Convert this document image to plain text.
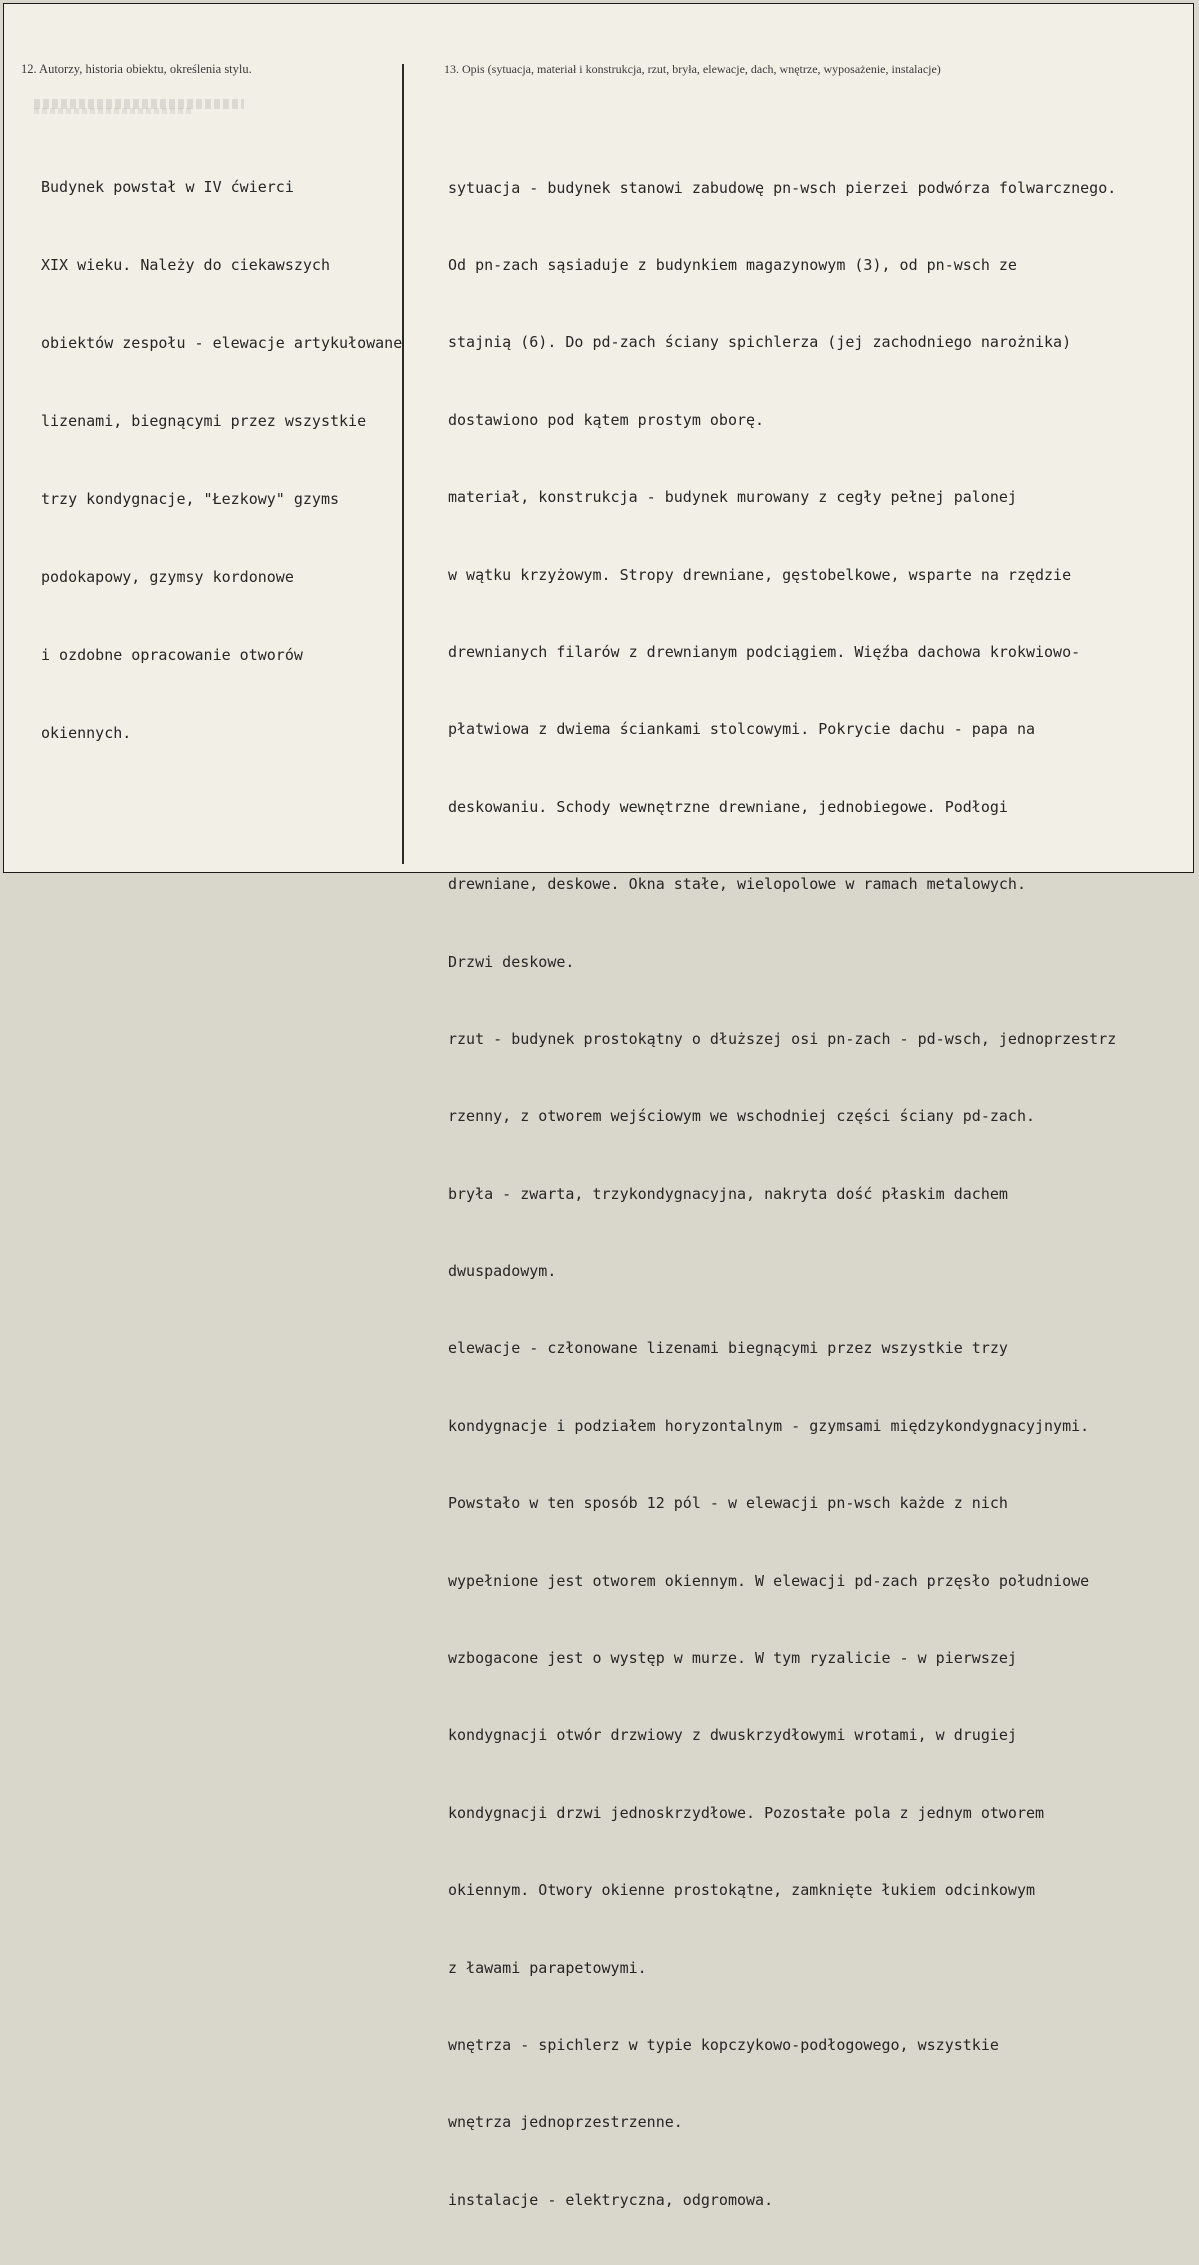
12. Autorzy, historia obiektu, określenia stylu.	13. Opis (sytuacja, materiał i konstrukcja, rzut, bryła, elewacje, dach, wnętrze, wyposażenie, instalacje)

Budynek powstał w IV ćwierci

XIX wieku. Należy do ciekawszych

obiektów zespołu - elewacje artykułowane

lizenami, biegnącymi przez wszystkie

trzy kondygnacje, "Łezkowy" gzyms

podokapowy, gzymsy kordonowe

i ozdobne opracowanie otworów

okiennych.

sytuacja - budynek stanowi zabudowę pn-wsch pierzei podwórza folwarcznego.

Od pn-zach sąsiaduje z budynkiem magazynowym (3), od pn-wsch ze

stajnią (6). Do pd-zach ściany spichlerza (jej zachodniego narożnika)

dostawiono pod kątem prostym oborę.

materiał, konstrukcja - budynek murowany z cegły pełnej palonej

w wątku krzyżowym. Stropy drewniane, gęstobelkowe, wsparte na rzędzie

drewnianych filarów z drewnianym podciągiem. Więźba dachowa krokwiowo-

płatwiowa z dwiema ściankami stolcowymi. Pokrycie dachu - papa na

deskowaniu. Schody wewnętrzne drewniane, jednobiegowe. Podłogi

drewniane, deskowe. Okna stałe, wielopolowe w ramach metalowych.

Drzwi deskowe.

rzut - budynek prostokątny o dłuższej osi pn-zach - pd-wsch, jednoprzestrz

rzenny, z otworem wejściowym we wschodniej części ściany pd-zach.

bryła - zwarta, trzykondygnacyjna, nakryta dość płaskim dachem

dwuspadowym.

elewacje - członowane lizenami biegnącymi przez wszystkie trzy

kondygnacje i podziałem horyzontalnym - gzymsami międzykondygnacyjnymi.

Powstało w ten sposób 12 pól - w elewacji pn-wsch każde z nich

wypełnione jest otworem okiennym. W elewacji pd-zach przęsło południowe

wzbogacone jest o występ w murze. W tym ryzalicie - w pierwszej

kondygnacji otwór drzwiowy z dwuskrzydłowymi wrotami, w drugiej

kondygnacji drzwi jednoskrzydłowe. Pozostałe pola z jednym otworem

okiennym. Otwory okienne prostokątne, zamknięte łukiem odcinkowym

z ławami parapetowymi.

wnętrza - spichlerz w typie kopczykowo-podłogowego, wszystkie

wnętrza jednoprzestrzenne.

instalacje - elektryczna, odgromowa.
